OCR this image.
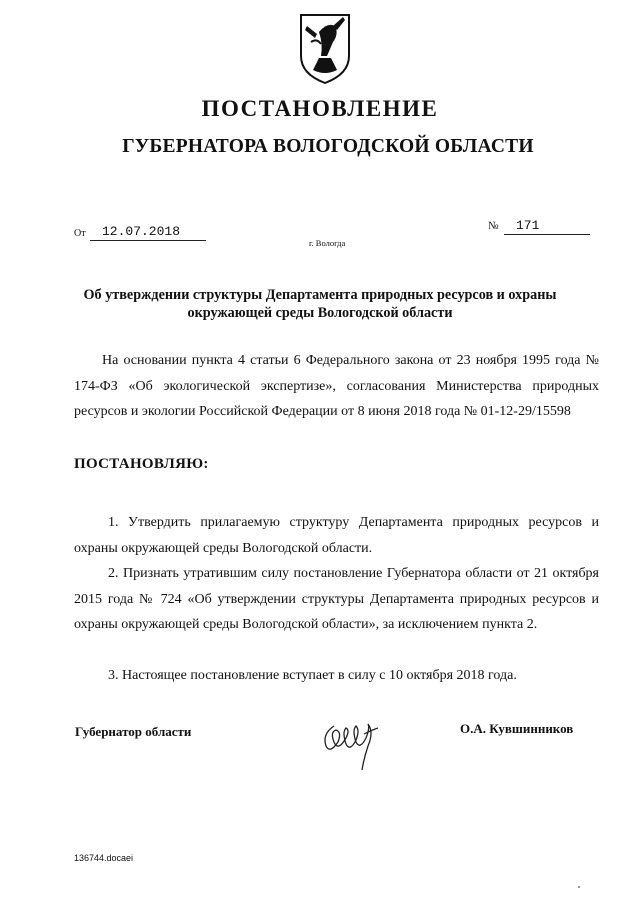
ПОСТАНОВЛЕНИЕ
ГУБЕРНАТОРА ВОЛОГОДСКОЙ ОБЛАСТИ
От	12.07.2018	№	171
г. Вологда
Об утверждении структуры Департамента природных ресурсов и охраны окружающей среды Вологодской области
На основании пункта 4 статьи 6 Федерального закона от 23 ноября 1995 года № 174-ФЗ «Об экологической экспертизе», согласования Министерства природных ресурсов и экологии Российской Федерации от 8 июня 2018 года № 01-12-29/15598
ПОСТАНОВЛЯЮ:
1. Утвердить прилагаемую структуру Департамента природных ресурсов и охраны окружающей среды Вологодской области.
2. Признать утратившим силу постановление Губернатора области от 21 октября 2015 года № 724 «Об утверждении структуры Департамента природных ресурсов и охраны окружающей среды Вологодской области», за исключением пункта 2.
3. Настоящее постановление вступает в силу с 10 октября 2018 года.
Губернатор области	О.А. Кувшинников
136744.docaei
